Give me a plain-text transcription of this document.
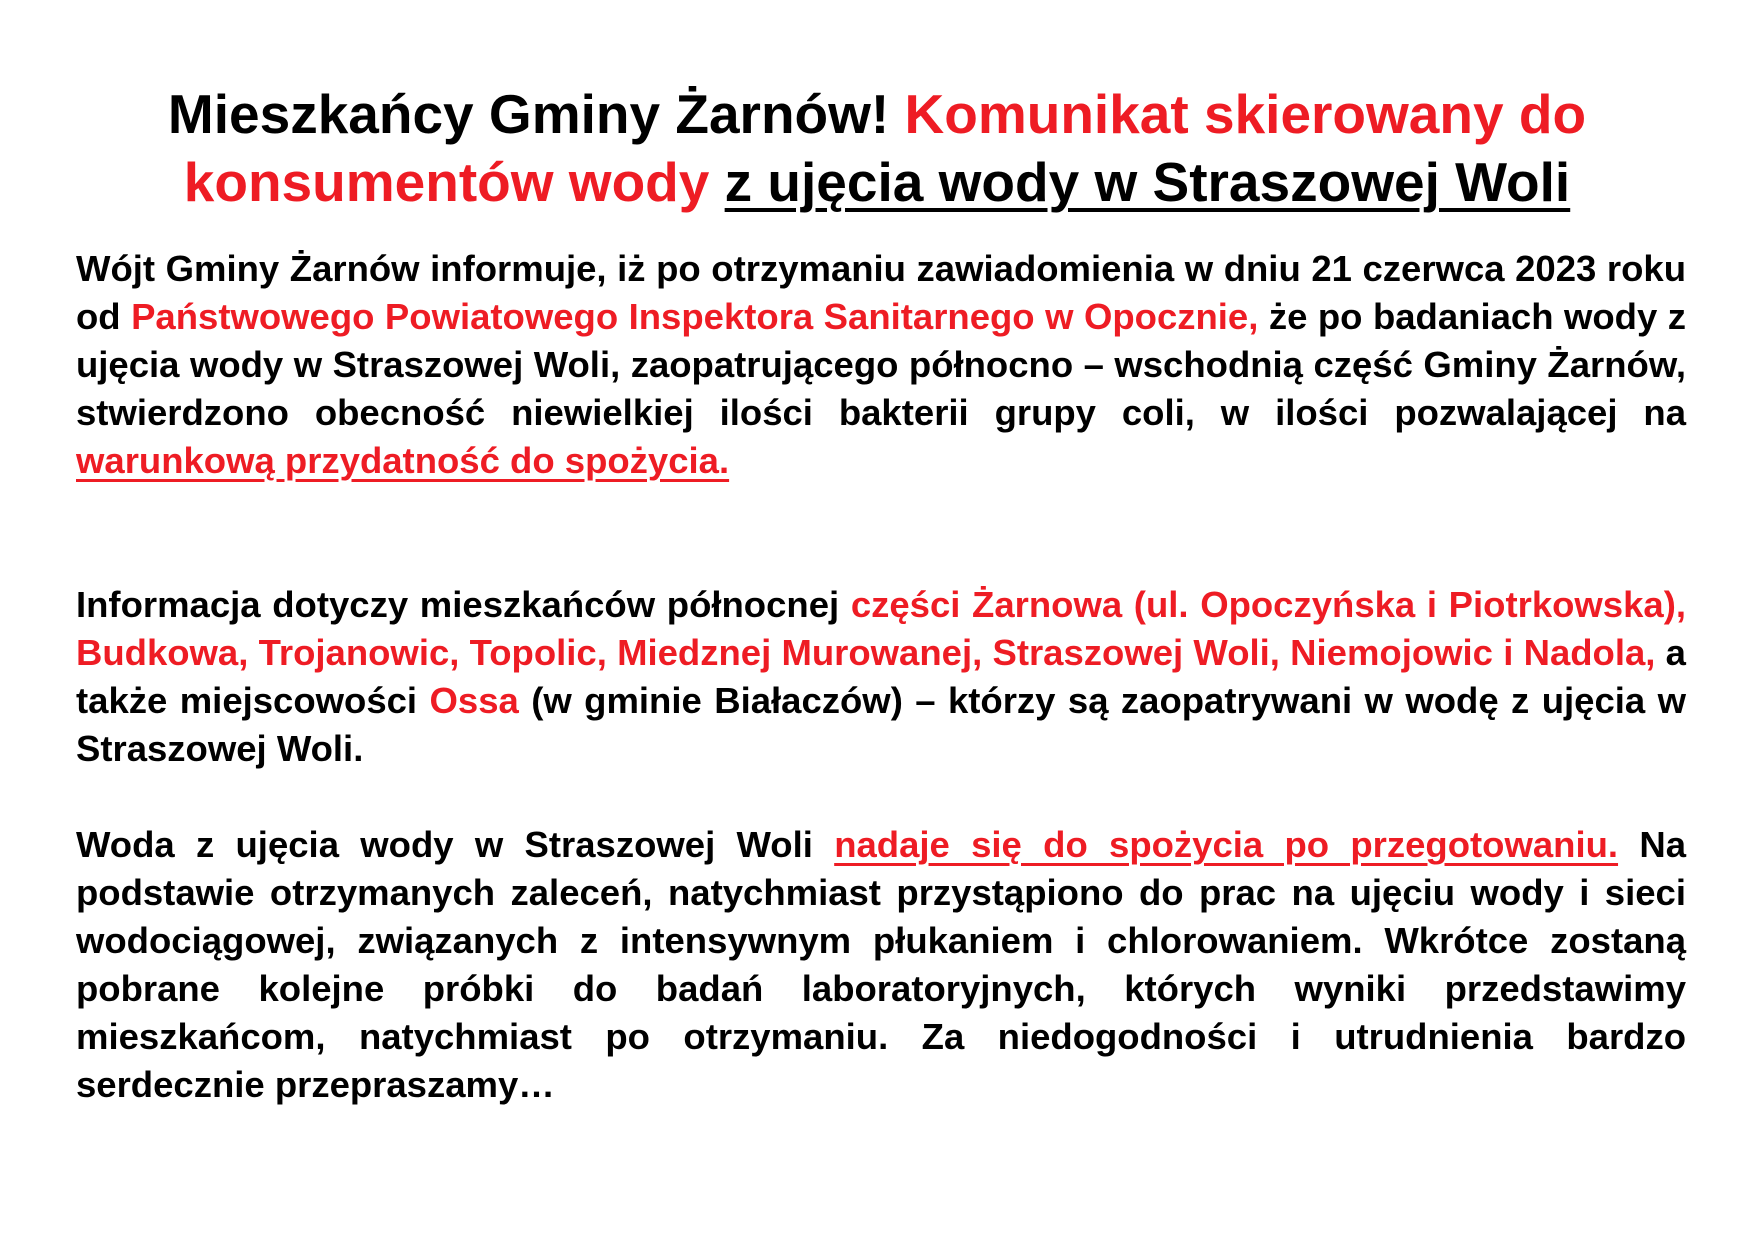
Mieszkańcy Gminy Żarnów! Komunikat skierowany do konsumentów wody z ujęcia wody w Straszowej Woli

Wójt Gminy Żarnów informuje, iż po otrzymaniu zawiadomienia w dniu 21 czerwca 2023 roku od Państwowego Powiatowego Inspektora Sanitarnego w Opocznie, że po badaniach wody z ujęcia wody w Straszowej Woli, zaopatrującego północno – wschodnią część Gminy Żarnów, stwierdzono obecność niewielkiej ilości bakterii grupy coli, w ilości pozwalającej na warunkową przydatność do spożycia.

Informacja dotyczy mieszkańców północnej części Żarnowa (ul. Opoczyńska i Piotrkowska), Budkowa, Trojanowic, Topolic, Miedznej Murowanej, Straszowej Woli, Niemojowic i Nadola, a także miejscowości Ossa (w gminie Białaczów) – którzy są zaopatrywani w wodę z ujęcia w Straszowej Woli.

Woda z ujęcia wody w Straszowej Woli nadaje się do spożycia po przegotowaniu. Na podstawie otrzymanych zaleceń, natychmiast przystąpiono do prac na ujęciu wody i sieci wodociągowej, związanych z intensywnym płukaniem i chlorowaniem. Wkrótce zostaną pobrane kolejne próbki do badań laboratoryjnych, których wyniki przedstawimy mieszkańcom, natychmiast po otrzymaniu. Za niedogodności i utrudnienia bardzo serdecznie przepraszamy…
